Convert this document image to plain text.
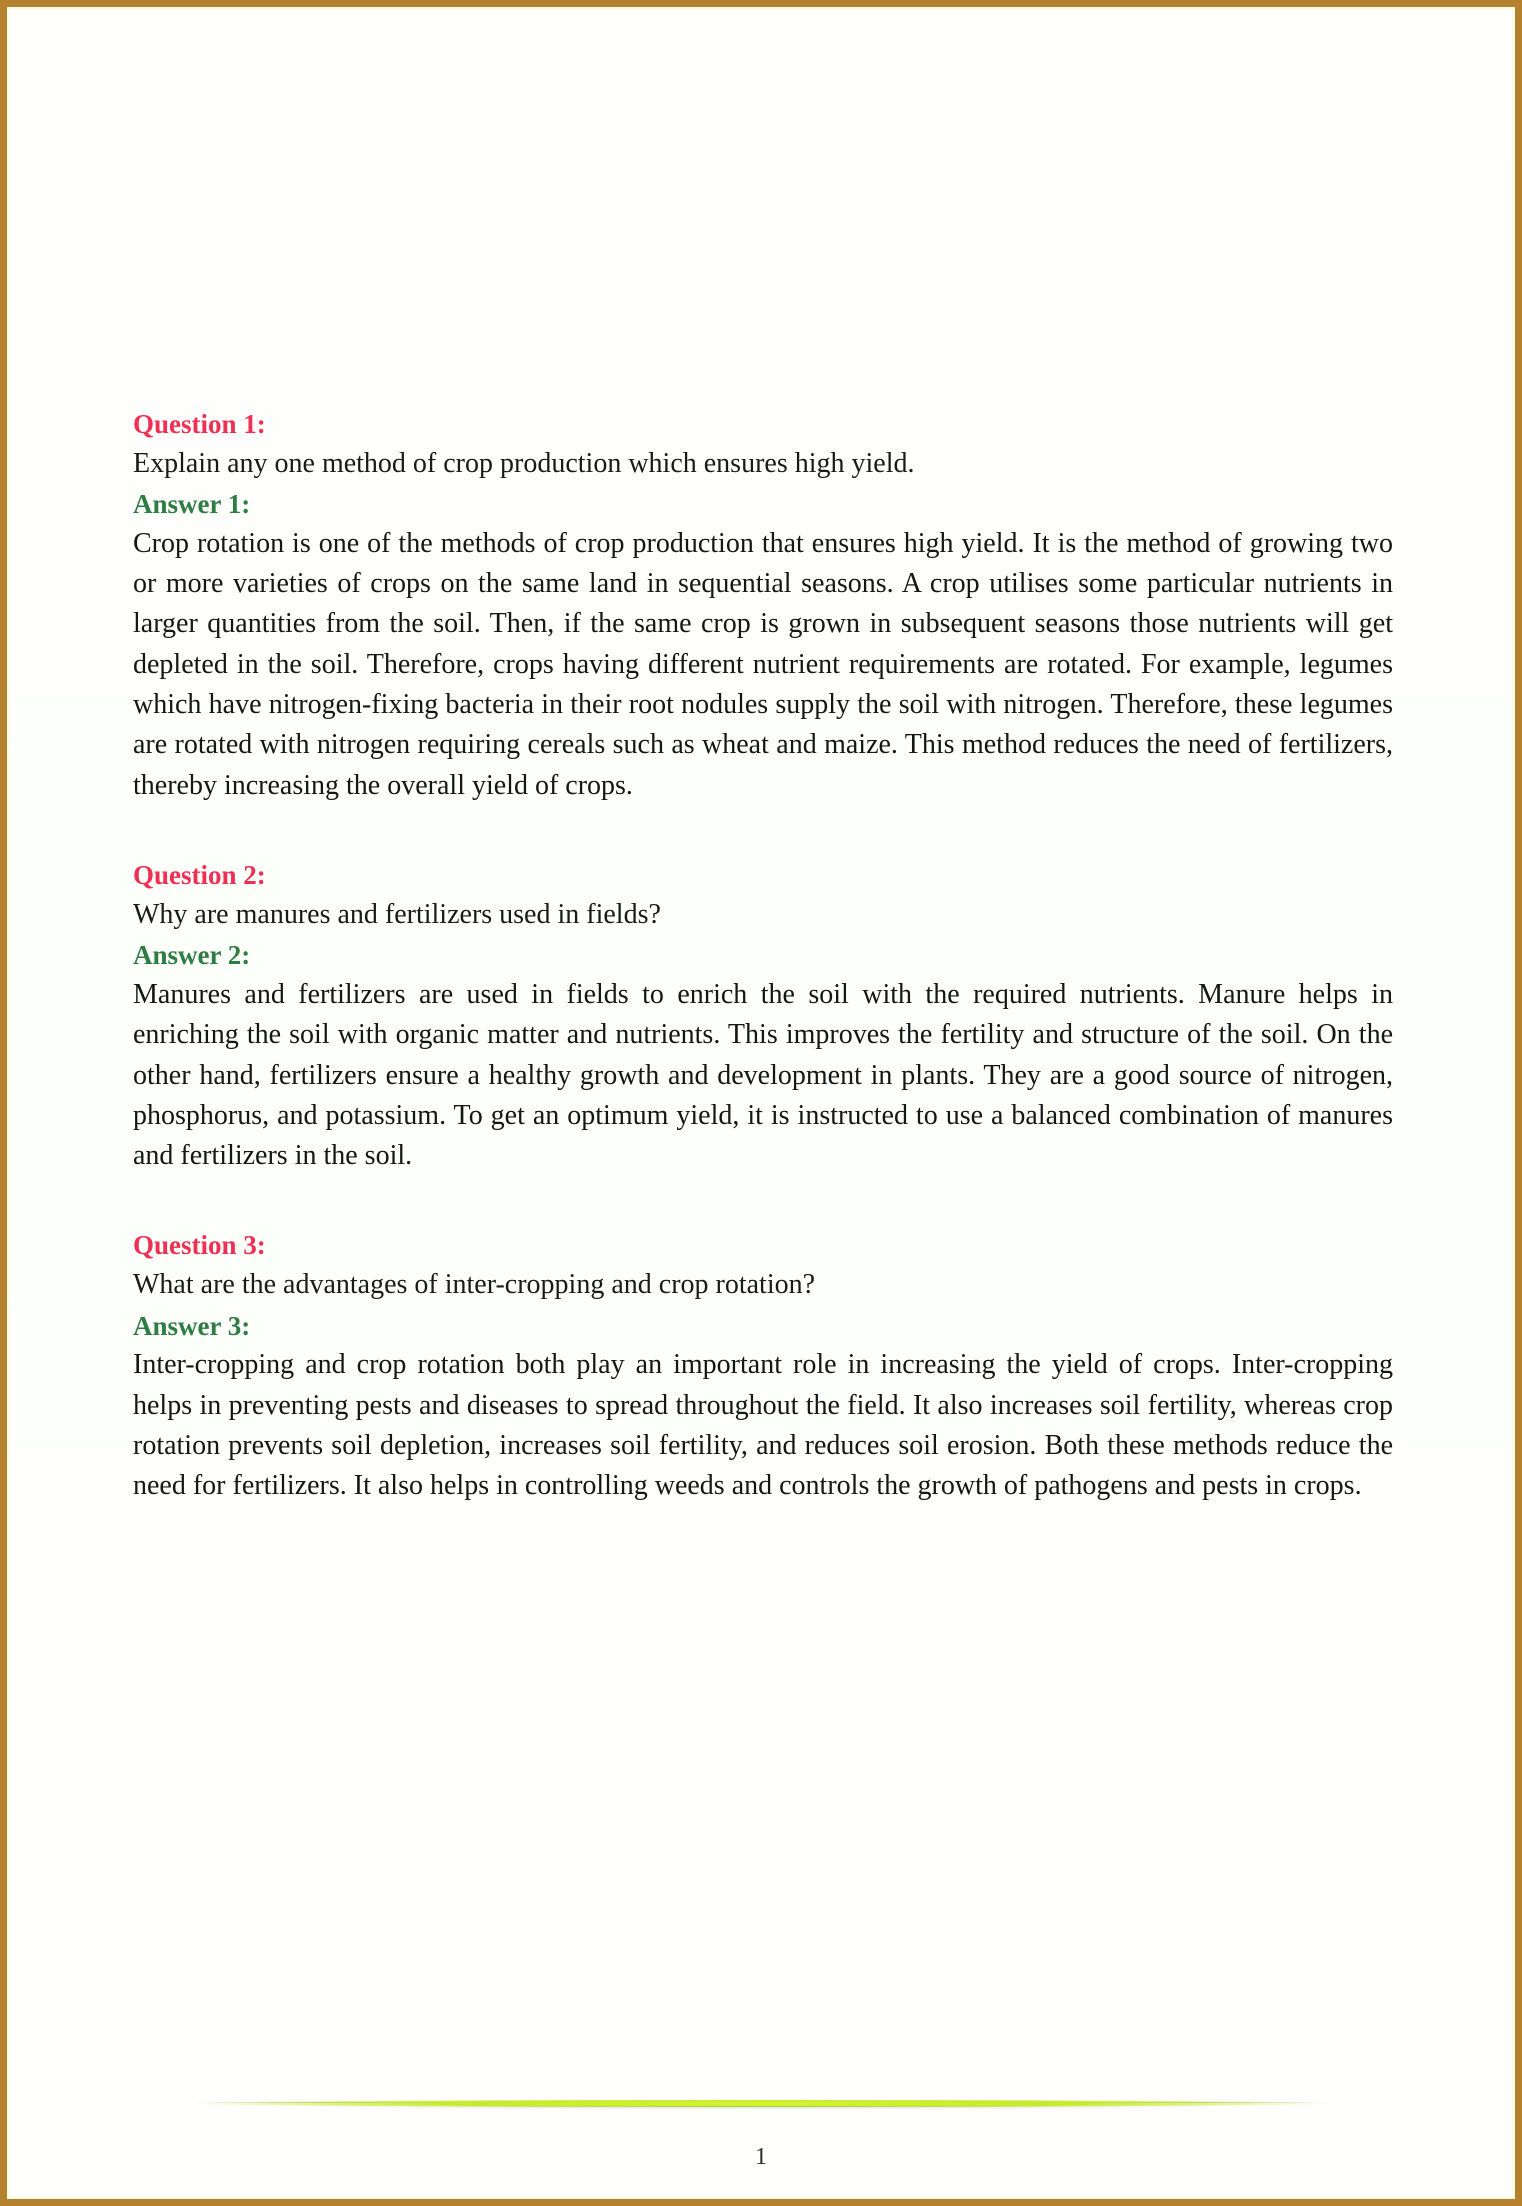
Question 1:

Explain any one method of crop production which ensures high yield.

Answer 1:

Crop rotation is one of the methods of crop production that ensures high yield. It is the method of growing two or more varieties of crops on the same land in sequential seasons. A crop utilises some particular nutrients in larger quantities from the soil. Then, if the same crop is grown in subsequent seasons those nutrients will get depleted in the soil. Therefore, crops having different nutrient requirements are rotated. For example, legumes which have nitrogen-fixing bacteria in their root nodules supply the soil with nitrogen. Therefore, these legumes are rotated with nitrogen requiring cereals such as wheat and maize. This method reduces the need of fertilizers, thereby increasing the overall yield of crops.

Question 2:

Why are manures and fertilizers used in fields?

Answer 2:

Manures and fertilizers are used in fields to enrich the soil with the required nutrients. Manure helps in enriching the soil with organic matter and nutrients. This improves the fertility and structure of the soil. On the other hand, fertilizers ensure a healthy growth and development in plants. They are a good source of nitrogen, phosphorus, and potassium. To get an optimum yield, it is instructed to use a balanced combination of manures and fertilizers in the soil.

Question 3:

What are the advantages of inter-cropping and crop rotation?

Answer 3:

Inter-cropping and crop rotation both play an important role in increasing the yield of crops. Inter-cropping helps in preventing pests and diseases to spread throughout the field. It also increases soil fertility, whereas crop rotation prevents soil depletion, increases soil fertility, and reduces soil erosion. Both these methods reduce the need for fertilizers. It also helps in controlling weeds and controls the growth of pathogens and pests in crops.

1
